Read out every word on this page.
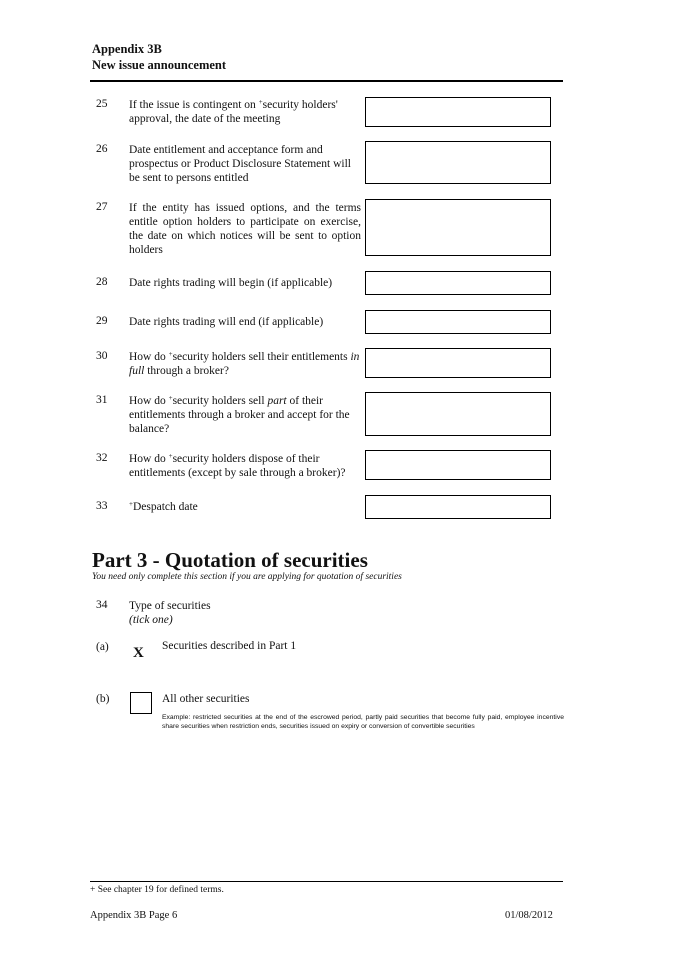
Appendix 3B
New issue announcement
25 If the issue is contingent on +security holders' approval, the date of the meeting
26 Date entitlement and acceptance form and prospectus or Product Disclosure Statement will be sent to persons entitled
27 If the entity has issued options, and the terms entitle option holders to participate on exercise, the date on which notices will be sent to option holders
28 Date rights trading will begin (if applicable)
29 Date rights trading will end (if applicable)
30 How do +security holders sell their entitlements in full through a broker?
31 How do +security holders sell part of their entitlements through a broker and accept for the balance?
32 How do +security holders dispose of their entitlements (except by sale through a broker)?
33	+Despatch date
Part 3 - Quotation of securities
You need only complete this section if you are applying for quotation of securities
34 Type of securities
(tick one)
(a) X Securities described in Part 1
(b)	All other securities
Example: restricted securities at the end of the escrowed period, partly paid securities that become fully paid, employee incentive share securities when restriction ends, securities issued on expiry or conversion of convertible securities
+ See chapter 19 for defined terms.
Appendix 3B Page 6	01/08/2012
